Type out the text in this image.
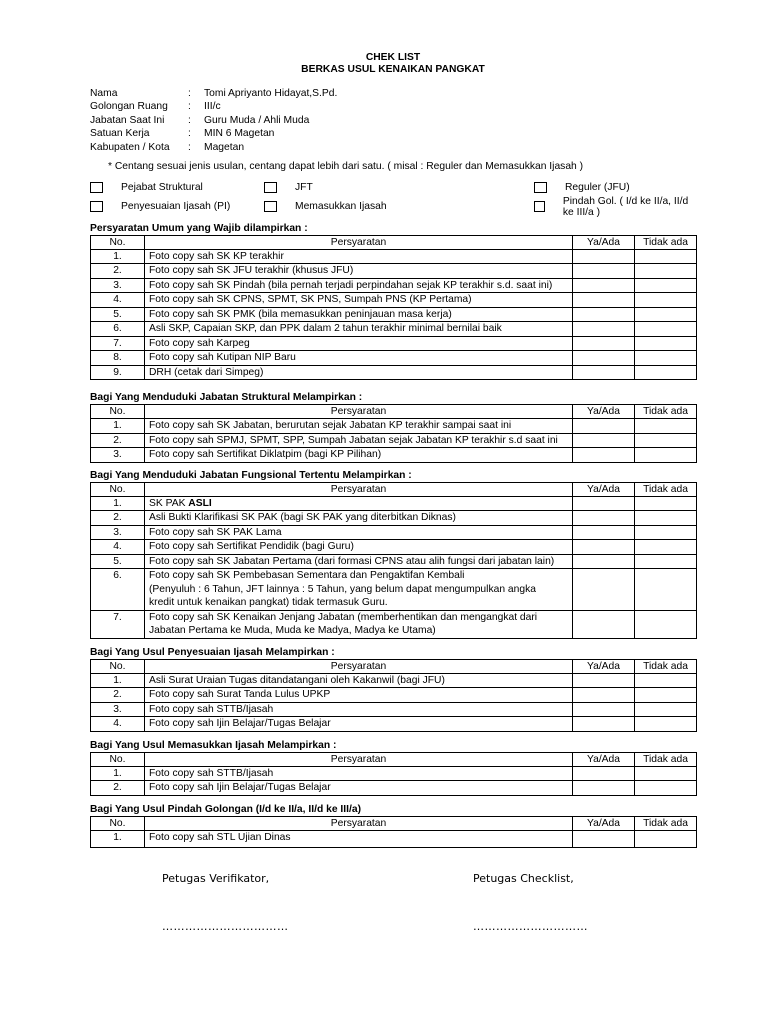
CHEK LIST
BERKAS USUL KENAIKAN PANGKAT
Nama	:	Tomi Apriyanto Hidayat,S.Pd.
Golongan Ruang	:	III/c
Jabatan Saat Ini	:	Guru Muda / Ahli Muda
Satuan Kerja	:	MIN 6 Magetan
Kabupaten / Kota	:	Magetan
* Centang sesuai jenis usulan, centang dapat lebih dari satu. ( misal : Reguler dan Memasukkan Ijasah )
Pejabat Struktural	JFT	Reguler (JFU)
Penyesuaian Ijasah (PI)	Memasukkan Ijasah	Pindah Gol. ( I/d ke II/a, II/d ke III/a )
Persyaratan Umum yang Wajib dilampirkan :
No.	Persyaratan	Ya/Ada	Tidak ada
1.	Foto copy sah SK KP terakhir		
2.	Foto copy sah SK JFU terakhir (khusus JFU)		
3.	Foto copy sah SK Pindah (bila pernah terjadi perpindahan sejak KP terakhir s.d. saat ini)		
4.	Foto copy sah SK CPNS, SPMT, SK PNS, Sumpah PNS (KP Pertama)		
5.	Foto copy sah SK PMK (bila memasukkan peninjauan masa kerja)		
6.	Asli SKP, Capaian SKP, dan PPK dalam 2 tahun terakhir minimal bernilai baik		
7.	Foto copy sah Karpeg		
8.	Foto copy sah Kutipan NIP Baru		
9.	DRH (cetak dari Simpeg)		
Bagi Yang Menduduki Jabatan Struktural Melampirkan :
No.	Persyaratan	Ya/Ada	Tidak ada
1.	Foto copy sah SK Jabatan, berurutan sejak Jabatan KP terakhir sampai saat ini		
2.	Foto copy sah SPMJ, SPMT, SPP, Sumpah Jabatan sejak Jabatan KP terakhir s.d saat ini		
3.	Foto copy sah Sertifikat Diklatpim (bagi KP Pilihan)		
Bagi Yang Menduduki Jabatan Fungsional Tertentu Melampirkan :
No.	Persyaratan	Ya/Ada	Tidak ada
1.	SK PAK ASLI		
2.	Asli Bukti Klarifikasi SK PAK (bagi SK PAK yang diterbitkan Diknas)		
3.	Foto copy sah SK PAK Lama		
4.	Foto copy sah Sertifikat Pendidik (bagi Guru)		
5.	Foto copy sah SK Jabatan Pertama (dari formasi CPNS atau alih fungsi dari jabatan lain)		
6.	Foto copy sah SK Pembebasan Sementara dan Pengaktifan Kembali
(Penyuluh : 6 Tahun, JFT lainnya : 5 Tahun, yang belum dapat mengumpulkan angka
kredit untuk kenaikan pangkat) tidak termasuk Guru.		

7.	Foto copy sah SK Kenaikan Jenjang Jabatan (memberhentikan dan mengangkat dari
Jabatan Pertama ke Muda, Muda ke Madya, Madya ke Utama)		

Bagi Yang Usul Penyesuaian Ijasah Melampirkan :
No.	Persyaratan	Ya/Ada	Tidak ada
1.	Asli Surat Uraian Tugas ditandatangani oleh Kakanwil (bagi JFU)		
2.	Foto copy sah Surat Tanda Lulus UPKP		
3.	Foto copy sah STTB/Ijasah		
4.	Foto copy sah Ijin Belajar/Tugas Belajar		
Bagi Yang Usul Memasukkan Ijasah Melampirkan :
No.	Persyaratan	Ya/Ada	Tidak ada
1.	Foto copy sah STTB/Ijasah		
2.	Foto copy sah Ijin Belajar/Tugas Belajar		
Bagi Yang Usul Pindah Golongan (I/d ke II/a, II/d ke III/a)
No.	Persyaratan	Ya/Ada	Tidak ada
1.	Foto copy sah STL Ujian Dinas		
Petugas Verifikator,	Petugas Checklist,
……………………………	…………………………
